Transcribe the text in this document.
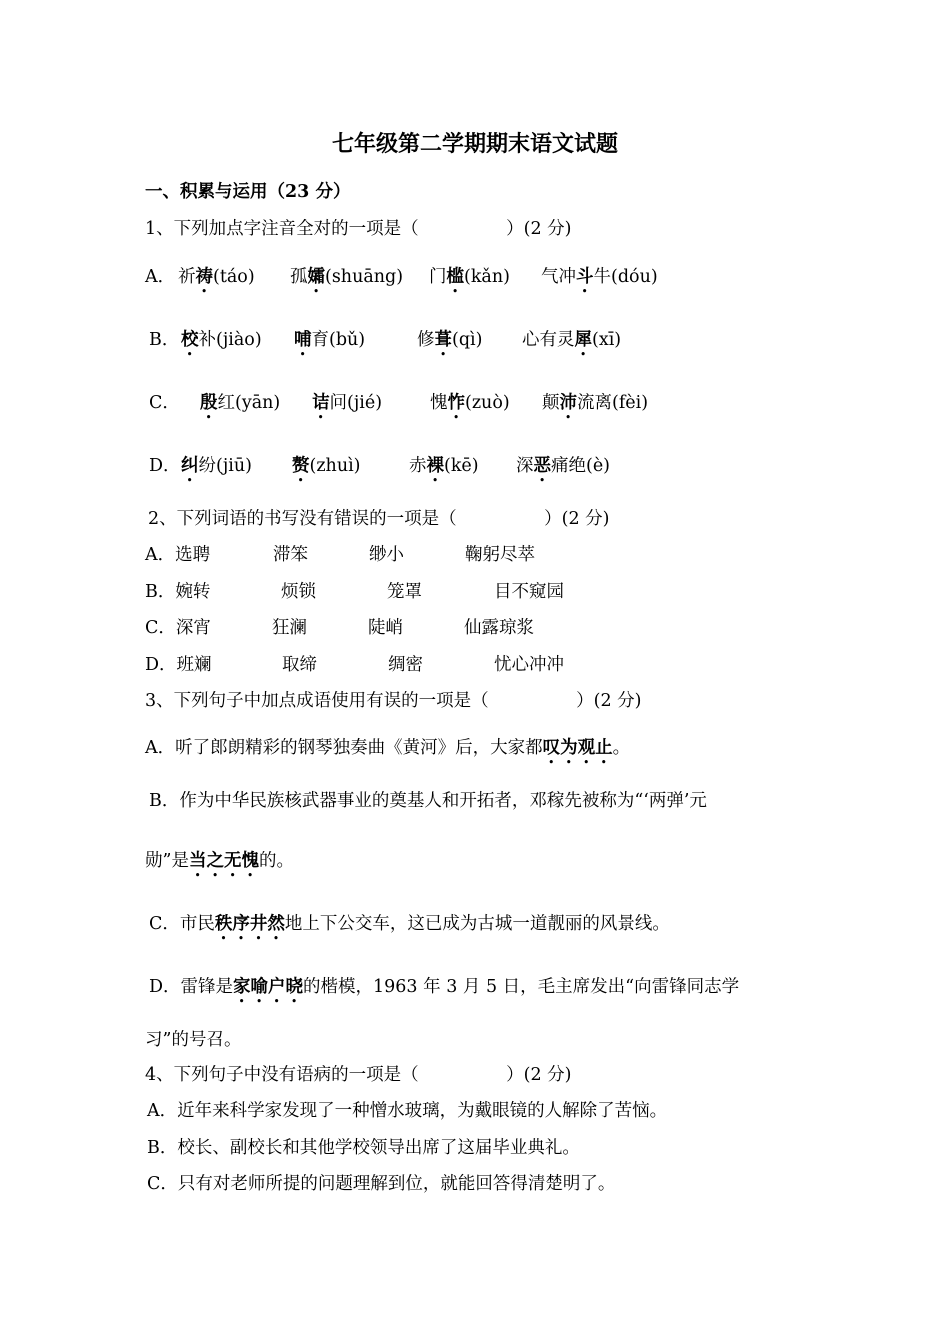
七年级第二学期期末语文试题
一、积累与运用（23 分）
1、下列加点字注音全对的一项是（　　　　　）(2 分)
A． 祈祷(táo) 孤孀(shuāng) 门槛(kǎn) 气冲斗牛(dóu)
B． 校补(jiào) 哺育(bǔ)	修葺(qì) 心有灵犀(xī)
C． 殷红(yān) 诘问(jié)	愧怍(zuò) 颠沛流离(fèi)
D． 纠纷(jiū) 赘(zhuì)	赤裸(kē) 深恶痛绝(è)
2、下列词语的书写没有错误的一项是（　　　　　）(2 分)
A．选聘	滞笨	缈小	鞠躬尽萃
B．婉转	烦锁	笼罩	目不窥园
C．深宵	狂澜	陡峭	仙露琼浆
D．班斓	取缔	绸密	忧心冲冲
3、下列句子中加点成语使用有误的一项是（　　　　　）(2 分)
A．听了郎朗精彩的钢琴独奏曲《黄河》后，大家都叹为观止。
B．作为中华民族核武器事业的奠基人和开拓者，邓稼先被称为“‘两弹’元
勋”是当之无愧的。
C．市民秩序井然地上下公交车，这已成为古城一道靓丽的风景线。
D．雷锋是家喻户晓的楷模，1963 年 3 月 5 日，毛主席发出“向雷锋同志学
习”的号召。
4、下列句子中没有语病的一项是（　　　　　）(2 分)
A．近年来科学家发现了一种憎水玻璃，为戴眼镜的人解除了苦恼。
B．校长、副校长和其他学校领导出席了这届毕业典礼。
C．只有对老师所提的问题理解到位，就能回答得清楚明了。
